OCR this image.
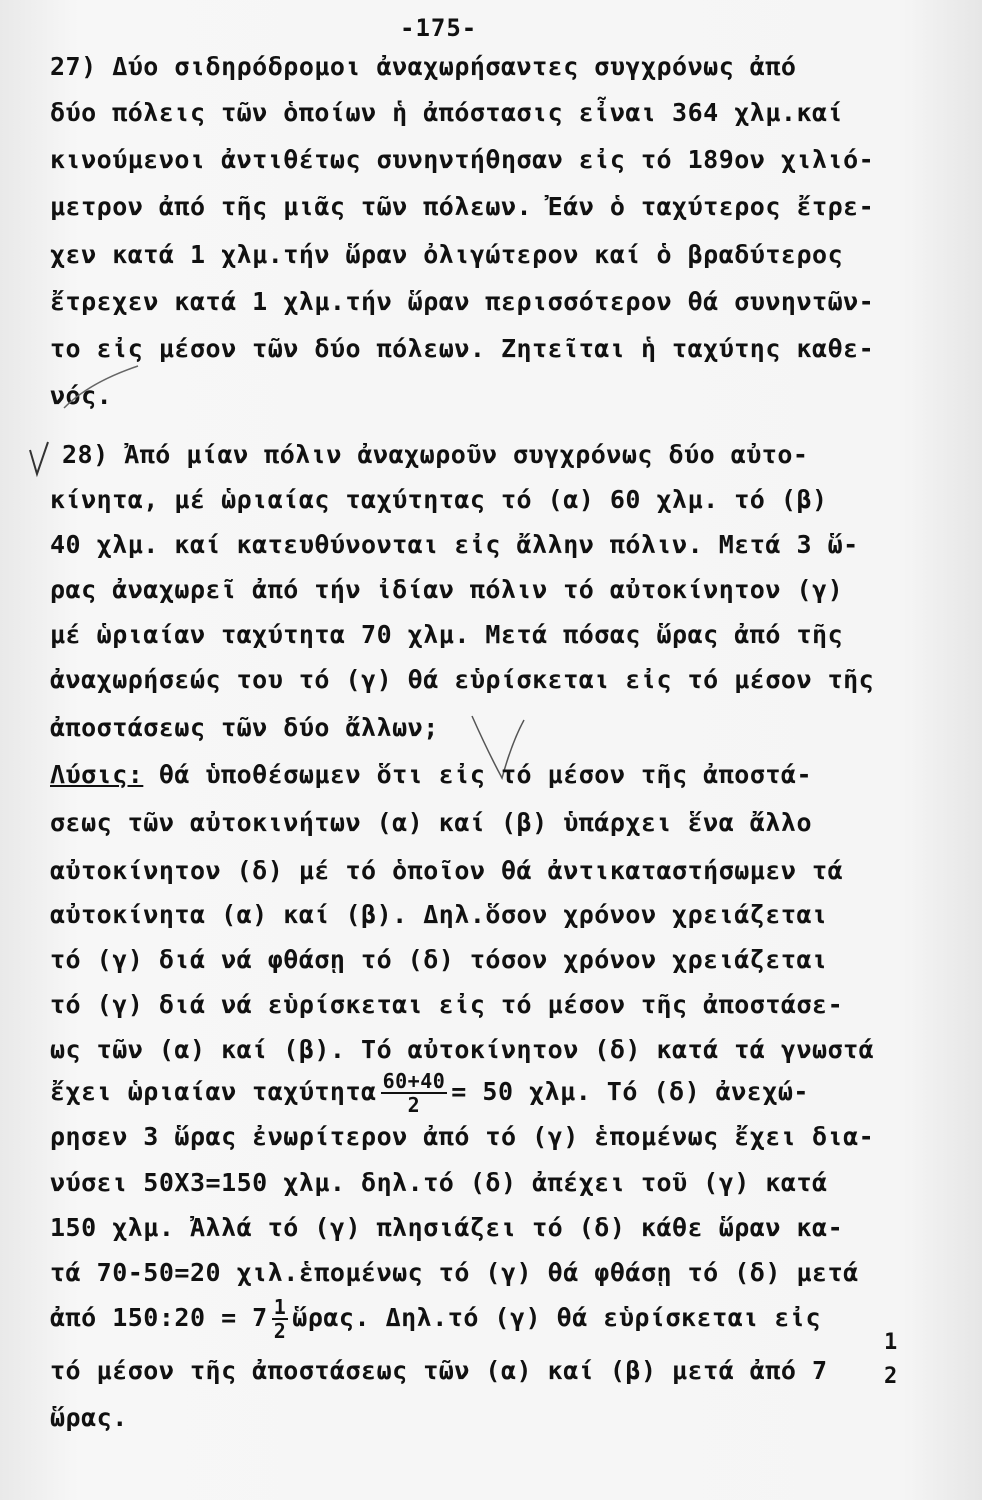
-175-
27) Δύο σιδηρόδρομοι ἀναχωρήσαντες συγχρόνως ἀπό
δύο πόλεις τῶν ὁποίων ἡ ἀπόστασις εἶναι 364 χλμ.καί
κινούμενοι ἀντιθέτως συνηντήθησαν εἰς τό 189ον χιλιό-
μετρον ἀπό τῆς μιᾶς τῶν πόλεων. Ἐάν ὁ ταχύτερος ἔτρε-
χεν κατά 1 χλμ.τήν ὥραν ὀλιγώτερον καί ὁ βραδύτερος
ἔτρεχεν κατά 1 χλμ.τήν ὥραν περισσότερον θά συνηντῶν-
το εἰς μέσον τῶν δύο πόλεων. Ζητεῖται ἡ ταχύτης καθε-
νός.
28) Ἀπό μίαν πόλιν ἀναχωροῦν συγχρόνως δύο αὐτο-
κίνητα, μέ ὡριαίας ταχύτητας τό (α) 60 χλμ. τό (β)
40 χλμ. καί κατευθύνονται εἰς ἄλλην πόλιν. Μετά 3 ὥ-
ρας ἀναχωρεῖ ἀπό τήν ἰδίαν πόλιν τό αὐτοκίνητον (γ)
μέ ὡριαίαν ταχύτητα 70 χλμ. Μετά πόσας ὥρας ἀπό τῆς
ἀναχωρήσεώς του τό (γ) θά εὑρίσκεται εἰς τό μέσον τῆς
ἀποστάσεως τῶν δύο ἄλλων;
Λύσις: θά ὑποθέσωμεν ὅτι εἰς τό μέσον τῆς ἀποστά-
σεως τῶν αὐτοκινήτων (α) καί (β) ὑπάρχει ἕνα ἄλλο
αὐτοκίνητον (δ) μέ τό ὁποῖον θά ἀντικαταστήσωμεν τά
αὐτοκίνητα (α) καί (β). Δηλ.ὅσον χρόνον χρειάζεται
τό (γ) διά νά φθάσῃ τό (δ) τόσον χρόνον χρειάζεται
τό (γ) διά νά εὑρίσκεται εἰς τό μέσον τῆς ἀποστάσε-
ως τῶν (α) καί (β). Τό αὐτοκίνητον (δ) κατά τά γνωστά
ἔχει ὡριαίαν ταχύτητα $\frac{60+40}{2} = 50$ χλμ. Τό (δ) ἀνεχώ-
ρησεν 3 ὥρας ἐνωρίτερον ἀπό τό (γ) ἑπομένως ἔχει δια-
νύσει 50Χ3=150 χλμ. δηλ.τό (δ) ἀπέχει τοῦ (γ) κατά
150 χλμ. Ἀλλά τό (γ) πλησιάζει τό (δ) κάθε ὥραν κα-
τά 70-50=20 χιλ.ἑπομένως τό (γ) θά φθάσῃ τό (δ) μετά
ἀπό 150:20 = $7 \frac{1}{2}$ ὥρας. Δηλ.τό (γ) θά εὑρίσκεται εἰς
τό μέσον τῆς ἀποστάσεως τῶν (α) καί (β) μετά ἀπό 7
1
2
ὥρας.
